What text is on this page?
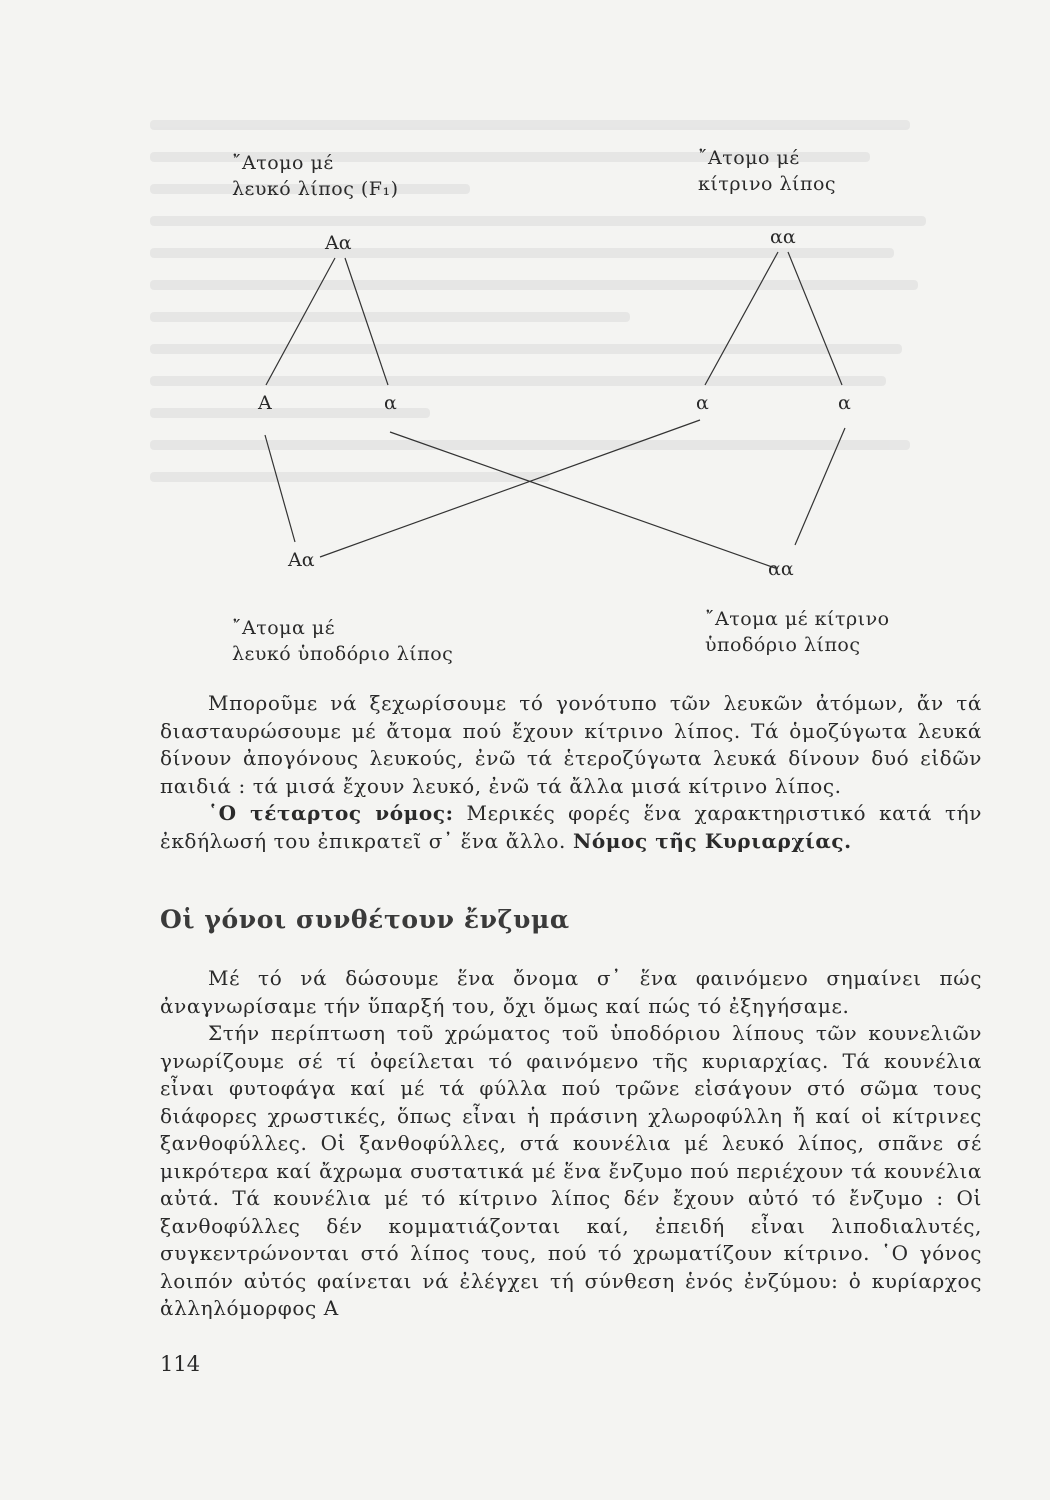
῎Ατομο μέ
λευκό λίπος (F₁)
῎Ατομο μέ
κίτρινο λίπος
Aα	αα
A	α	α	α
Aα	αα
῎Ατομα μέ
λευκό ὑποδόριο λίπος
῎Ατομα μέ κίτρινο
ὑποδόριο λίπος

Μποροῦμε νά ξεχωρίσουμε τό γονότυπο τῶν λευκῶν ἀτόμων, ἄν τά διασταυρώσουμε μέ ἄτομα πού ἔχουν κίτρινο λίπος. Τά ὁμοζύγωτα λευκά δίνουν ἀπογόνους λευκούς, ἐνῶ τά ἑτεροζύγωτα λευκά δίνουν δυό εἰδῶν παιδιά : τά μισά ἔχουν λευκό, ἐνῶ τά ἄλλα μισά κίτρινο λίπος.

῾Ο τέταρτος νόμος: Μερικές φορές ἕνα χαρακτηριστικό κατά τήν ἐκδήλωσή του ἐπικρατεῖ σ᾽ ἕνα ἄλλο. Νόμος τῆς Κυριαρχίας.

Οἱ γόνοι συνθέτουν ἔνζυμα

Μέ τό νά δώσουμε ἕνα ὄνομα σ᾽ ἕνα φαινόμενο σημαίνει πώς ἀναγνωρίσαμε τήν ὕπαρξή του, ὄχι ὅμως καί πώς τό ἐξηγήσαμε.

Στήν περίπτωση τοῦ χρώματος τοῦ ὑποδόριου λίπους τῶν κουνελιῶν γνωρίζουμε σέ τί ὀφείλεται τό φαινόμενο τῆς κυριαρχίας. Τά κουνέλια εἶναι φυτοφάγα καί μέ τά φύλλα πού τρῶνε εἰσάγουν στό σῶμα τους διάφορες χρωστικές, ὅπως εἶναι ἡ πράσινη χλωροφύλλη ἤ καί οἱ κίτρινες ξανθοφύλλες. Οἱ ξανθοφύλλες, στά κουνέλια μέ λευκό λίπος, σπᾶνε σέ μικρότερα καί ἄχρωμα συστατικά μέ ἕνα ἔνζυμο πού περιέχουν τά κουνέλια αὐτά. Τά κουνέλια μέ τό κίτρινο λίπος δέν ἔχουν αὐτό τό ἔνζυμο : Οἱ ξανθοφύλλες δέν κομματιάζονται καί, ἐπειδή εἶναι λιποδιαλυτές, συγκεντρώνονται στό λίπος τους, πού τό χρωματίζουν κίτρινο. ῾Ο γόνος λοιπόν αὐτός φαίνεται νά ἐλέγχει τή σύνθεση ἑνός ἐνζύμου: ὁ κυρίαρχος ἀλληλόμορφος A

114
